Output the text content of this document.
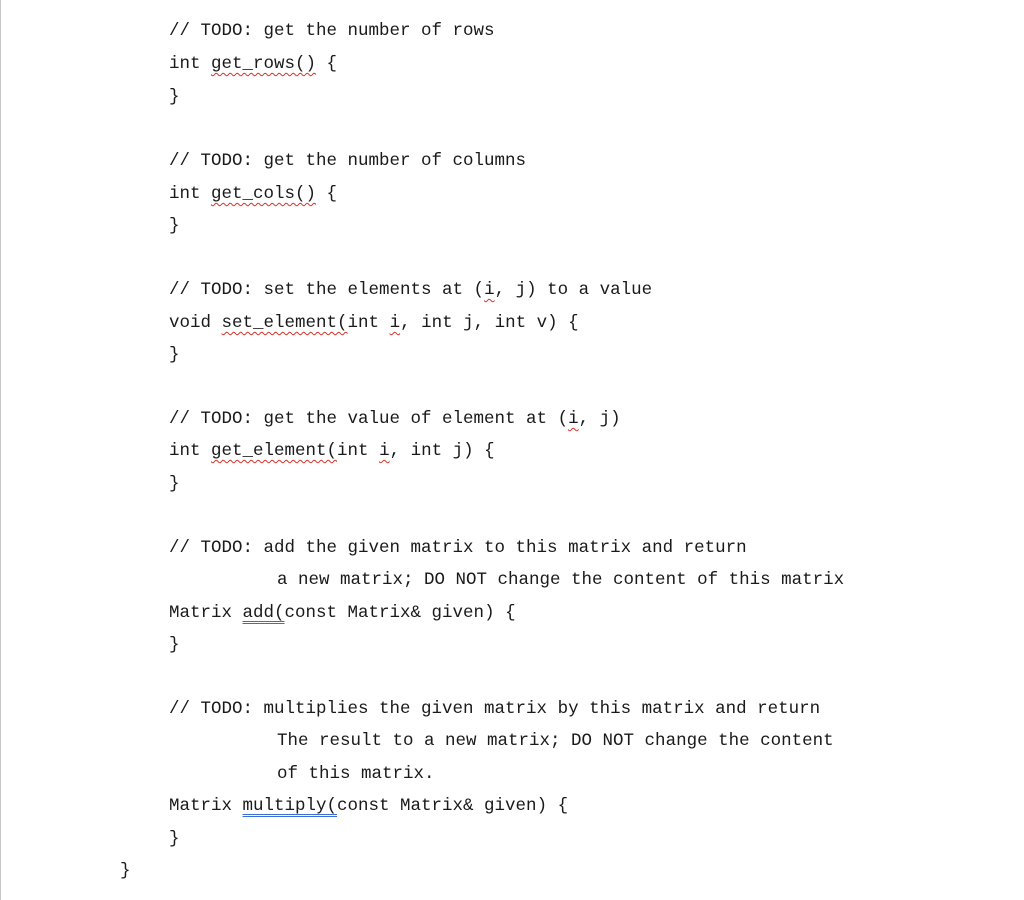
// TODO: get the number of rows
int get_rows() {
}
// TODO: get the number of columns
int get_cols() {
}
// TODO: set the elements at (i, j) to a value
void set_element(int i, int j, int v) {
}
// TODO: get the value of element at (i, j)
int get_element(int i, int j) {
}
// TODO: add the given matrix to this matrix and return
a new matrix; DO NOT change the content of this matrix
Matrix add(const Matrix& given) {
}
// TODO: multiplies the given matrix by this matrix and return
The result to a new matrix; DO NOT change the content
of this matrix.
Matrix multiply(const Matrix& given) {
}
}
